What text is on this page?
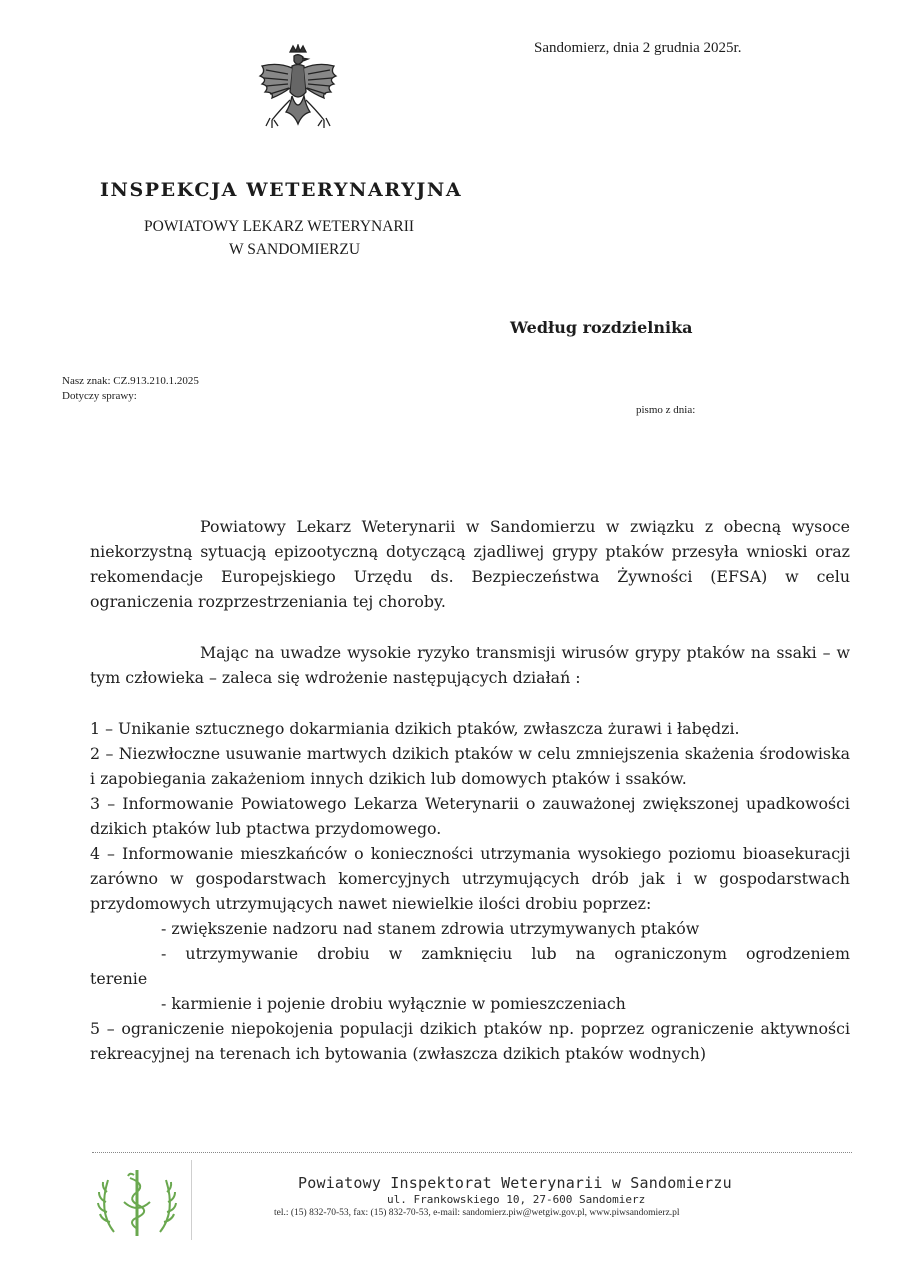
Sandomierz, dnia 2 grudnia 2025r.
INSPEKCJA WETERYNARYJNA
POWIATOWY LEKARZ WETERYNARII
W SANDOMIERZU
Według rozdzielnika
Nasz znak: CZ.913.210.1.2025
Dotyczy sprawy:
pismo z dnia:

Powiatowy Lekarz Weterynarii w Sandomierzu w związku z obecną wysoce niekorzystną sytuacją epizootyczną dotyczącą zjadliwej grypy ptaków przesyła wnioski oraz rekomendacje Europejskiego Urzędu ds. Bezpieczeństwa Żywności (EFSA) w celu ograniczenia rozprzestrzeniania tej choroby.

Mając na uwadze wysokie ryzyko transmisji wirusów grypy ptaków na ssaki – w tym człowieka – zaleca się wdrożenie następujących działań :

1 – Unikanie sztucznego dokarmiania dzikich ptaków, zwłaszcza żurawi i łabędzi.

2 – Niezwłoczne usuwanie martwych dzikich ptaków w celu zmniejszenia skażenia środowiska i zapobiegania zakażeniom innych dzikich lub domowych ptaków i ssaków.

3 – Informowanie Powiatowego Lekarza Weterynarii o zauważonej zwiększonej upadkowości dzikich ptaków lub ptactwa przydomowego.

4 – Informowanie mieszkańców o konieczności utrzymania wysokiego poziomu bioasekuracji zarówno w gospodarstwach komercyjnych utrzymujących drób jak i w gospodarstwach przydomowych utrzymujących nawet niewielkie ilości drobiu poprzez:

- zwiększenie nadzoru nad stanem zdrowia utrzymywanych ptaków

- utrzymywanie drobiu w zamknięciu lub na ograniczonym ogrodzeniem

terenie

- karmienie i pojenie drobiu wyłącznie w pomieszczeniach

5 – ograniczenie niepokojenia populacji dzikich ptaków np. poprzez ograniczenie aktywności rekreacyjnej na terenach ich bytowania (zwłaszcza dzikich ptaków wodnych)

Powiatowy Inspektorat Weterynarii w Sandomierzu
ul. Frankowskiego 10, 27-600 Sandomierz
tel.: (15) 832-70-53, fax: (15) 832-70-53, e-mail: sandomierz.piw@wetgiw.gov.pl, www.piwsandomierz.pl
